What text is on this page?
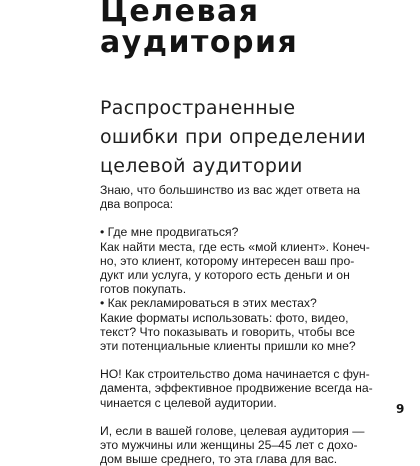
Целевая
аудитория
Распространенные
ошибки при определении
целевой аудитории

Знаю, что большинство из вас ждет ответа на
два вопроса:

• Где мне продвигаться?
Как найти места, где есть «мой клиент». Конеч-
но, это клиент, которому интересен ваш про-
дукт или услуга, у которого есть деньги и он
готов покупать.

• Как рекламироваться в этих местах?
Какие форматы использовать: фото, видео,
текст? Что показывать и говорить, чтобы все
эти потенциальные клиенты пришли ко мне?

НО! Как строительство дома начинается с фун-
дамента, эффективное продвижение всегда на-
чинается с целевой аудитории.

И, если в вашей голове, целевая аудитория —
это мужчины или женщины 25–45 лет с дохо-
дом выше среднего, то эта глава для вас.

9
